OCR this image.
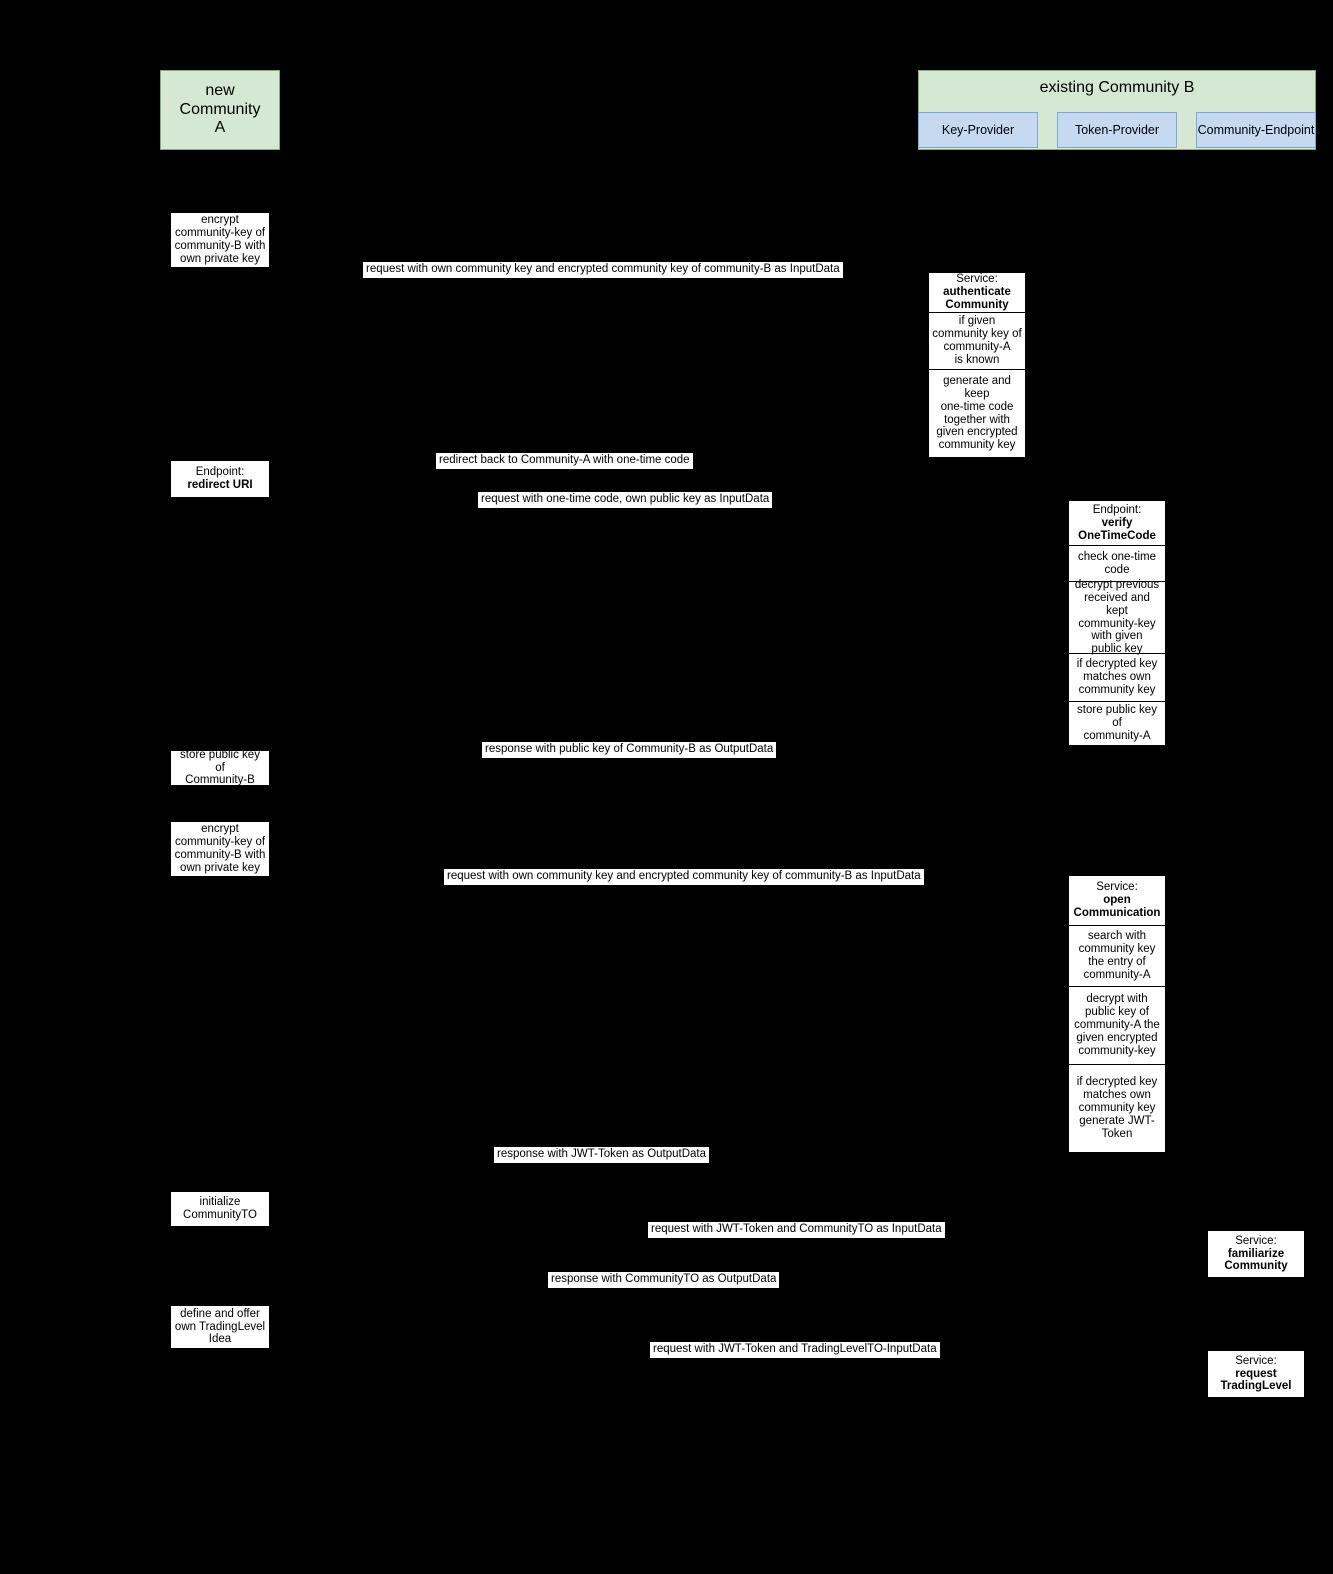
new
Community
A
existing Community B
Key-Provider	Token-Provider	Community-Endpoint
encrypt
community-key of
community-B with
own private key
Endpoint:
redirect URI
store public key of
Community-B
encrypt
community-key of
community-B with
own private key
initialize
CommunityTO
define and offer
own TradingLevel
Idea
Service:
authenticate
Community
if given
community key of
community-A
is known
generate and
keep
one-time code
together with
given encrypted
community key
Endpoint:
verify
OneTimeCode
check one-time
code
decrypt previous
received and kept
community-key
with given
public key
if decrypted key
matches own
community key
store public key of
community-A
Service:
open
Communication
search with
community key
the entry of
community-A
decrypt with
public key of
community-A the
given encrypted
community-key
if decrypted key
matches own
community key
generate JWT-
Token
Service:
familiarize
Community
Service:
request
TradingLevel
request with own community key and encrypted community key of community-B as InputData
redirect back to Community-A with one-time code
request with one-time code, own public key as InputData
response with public key of Community-B as OutputData
request with own community key and encrypted community key of community-B as InputData
response with JWT-Token as OutputData
request with JWT-Token and CommunityTO as InputData
response with CommunityTO as OutputData
request with JWT-Token and TradingLevelTO-InputData
